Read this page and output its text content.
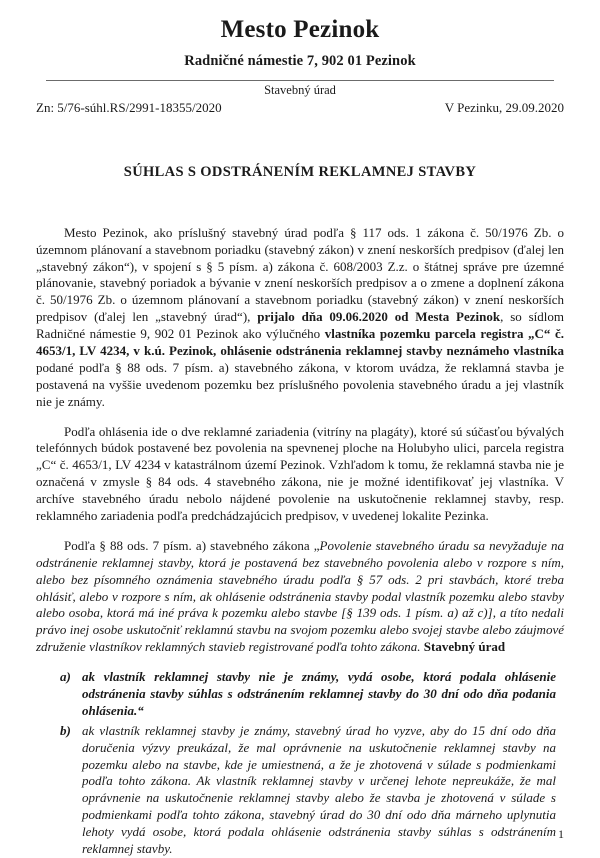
Mesto Pezinok
Radničné námestie 7, 902 01 Pezinok
Stavebný úrad
Zn: 5/76-súhl.RS/2991-18355/2020	V Pezinku, 29.09.2020
SÚHLAS S ODSTRÁNENÍM REKLAMNEJ STAVBY

Mesto Pezinok, ako príslušný stavebný úrad podľa § 117 ods. 1 zákona č. 50/1976 Zb. o územnom plánovaní a stavebnom poriadku (stavebný zákon) v znení neskorších predpisov (ďalej len „stavebný zákon“), v spojení s § 5 písm. a) zákona č. 608/2003 Z.z. o štátnej správe pre územné plánovanie, stavebný poriadok a bývanie v znení neskorších predpisov a o zmene a doplnení zákona č. 50/1976 Zb. o územnom plánovaní a stavebnom poriadku (stavebný zákon) v znení neskorších predpisov (ďalej len „stavebný úrad“), prijalo dňa 09.06.2020 od Mesta Pezinok, so sídlom Radničné námestie 9, 902 01 Pezinok ako výlučného vlastníka pozemku parcela registra „C“ č. 4653/1, LV 4234, v k.ú. Pezinok, ohlásenie odstránenia reklamnej stavby neznámeho vlastníka podané podľa § 88 ods. 7 písm. a) stavebného zákona, v ktorom uvádza, že reklamná stavba je postavená na vyššie uvedenom pozemku bez príslušného povolenia stavebného úradu a jej vlastník nie je známy.

Podľa ohlásenia ide o dve reklamné zariadenia (vitríny na plagáty), ktoré sú súčasťou bývalých telefónnych búdok postavené bez povolenia na spevnenej ploche na Holubyho ulici, parcela registra „C“ č. 4653/1, LV 4234 v katastrálnom území Pezinok. Vzhľadom k tomu, že reklamná stavba nie je označená v zmysle § 84 ods. 4 stavebného zákona, nie je možné identifikovať jej vlastníka. V archíve stavebného úradu nebolo nájdené povolenie na uskutočnenie reklamnej stavby, resp. reklamného zariadenia podľa predchádzajúcich predpisov, v uvedenej lokalite Pezinka.

Podľa § 88 ods. 7 písm. a) stavebného zákona „Povolenie stavebného úradu sa nevyžaduje na odstránenie reklamnej stavby, ktorá je postavená bez stavebného povolenia alebo v rozpore s ním, alebo bez písomného oznámenia stavebného úradu podľa § 57 ods. 2 pri stavbách, ktoré treba ohlásiť, alebo v rozpore s ním, ak ohlásenie odstránenia stavby podal vlastník pozemku alebo stavby alebo osoba, ktorá má iné práva k pozemku alebo stavbe [§ 139 ods. 1 písm. a) až c)], a títo nedali právo inej osobe uskutočniť reklamnú stavbu na svojom pozemku alebo svojej stavbe alebo záujmové združenie vlastníkov reklamných stavieb registrované podľa tohto zákona. Stavebný úrad

a) ak vlastník reklamnej stavby nie je známy, vydá osobe, ktorá podala ohlásenie odstránenia stavby súhlas s odstránením reklamnej stavby do 30 dní odo dňa podania ohlásenia.“
b) ak vlastník reklamnej stavby je známy, stavebný úrad ho vyzve, aby do 15 dní odo dňa doručenia výzvy preukázal, že mal oprávnenie na uskutočnenie reklamnej stavby na pozemku alebo na stavbe, kde je umiestnená, a že je zhotovená v súlade s podmienkami podľa tohto zákona. Ak vlastník reklamnej stavby v určenej lehote nepreukáže, že mal oprávnenie na uskutočnenie reklamnej stavby alebo že stavba je zhotovená v súlade s podmienkami podľa tohto zákona, stavebný úrad do 30 dní odo dňa márneho uplynutia lehoty vydá osobe, ktorá podala ohlásenie odstránenia stavby súhlas s odstránením reklamnej stavby.
1
